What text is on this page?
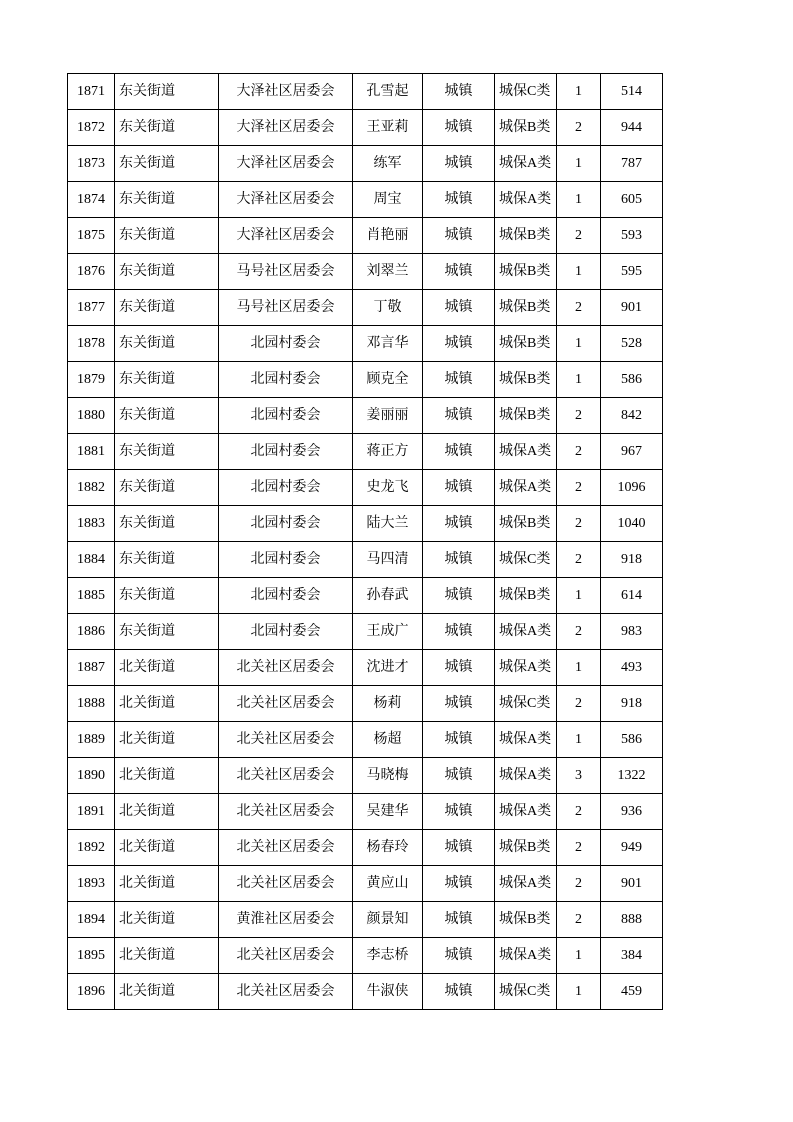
1871	东关街道	大泽社区居委会	孔雪起	城镇	城保C类	1	514
1872	东关街道	大泽社区居委会	王亚莉	城镇	城保B类	2	944
1873	东关街道	大泽社区居委会	练军	城镇	城保A类	1	787
1874	东关街道	大泽社区居委会	周宝	城镇	城保A类	1	605
1875	东关街道	大泽社区居委会	肖艳丽	城镇	城保B类	2	593
1876	东关街道	马号社区居委会	刘翠兰	城镇	城保B类	1	595
1877	东关街道	马号社区居委会	丁敬	城镇	城保B类	2	901
1878	东关街道	北园村委会	邓言华	城镇	城保B类	1	528
1879	东关街道	北园村委会	顾克全	城镇	城保B类	1	586
1880	东关街道	北园村委会	姜丽丽	城镇	城保B类	2	842
1881	东关街道	北园村委会	蒋正方	城镇	城保A类	2	967
1882	东关街道	北园村委会	史龙飞	城镇	城保A类	2	1096
1883	东关街道	北园村委会	陆大兰	城镇	城保B类	2	1040
1884	东关街道	北园村委会	马四清	城镇	城保C类	2	918
1885	东关街道	北园村委会	孙春武	城镇	城保B类	1	614
1886	东关街道	北园村委会	王成广	城镇	城保A类	2	983
1887	北关街道	北关社区居委会	沈进才	城镇	城保A类	1	493
1888	北关街道	北关社区居委会	杨莉	城镇	城保C类	2	918
1889	北关街道	北关社区居委会	杨超	城镇	城保A类	1	586
1890	北关街道	北关社区居委会	马晓梅	城镇	城保A类	3	1322
1891	北关街道	北关社区居委会	吴建华	城镇	城保A类	2	936
1892	北关街道	北关社区居委会	杨春玲	城镇	城保B类	2	949
1893	北关街道	北关社区居委会	黄应山	城镇	城保A类	2	901
1894	北关街道	黄淮社区居委会	颜景知	城镇	城保B类	2	888
1895	北关街道	北关社区居委会	李志桥	城镇	城保A类	1	384
1896	北关街道	北关社区居委会	牛淑侠	城镇	城保C类	1	459
